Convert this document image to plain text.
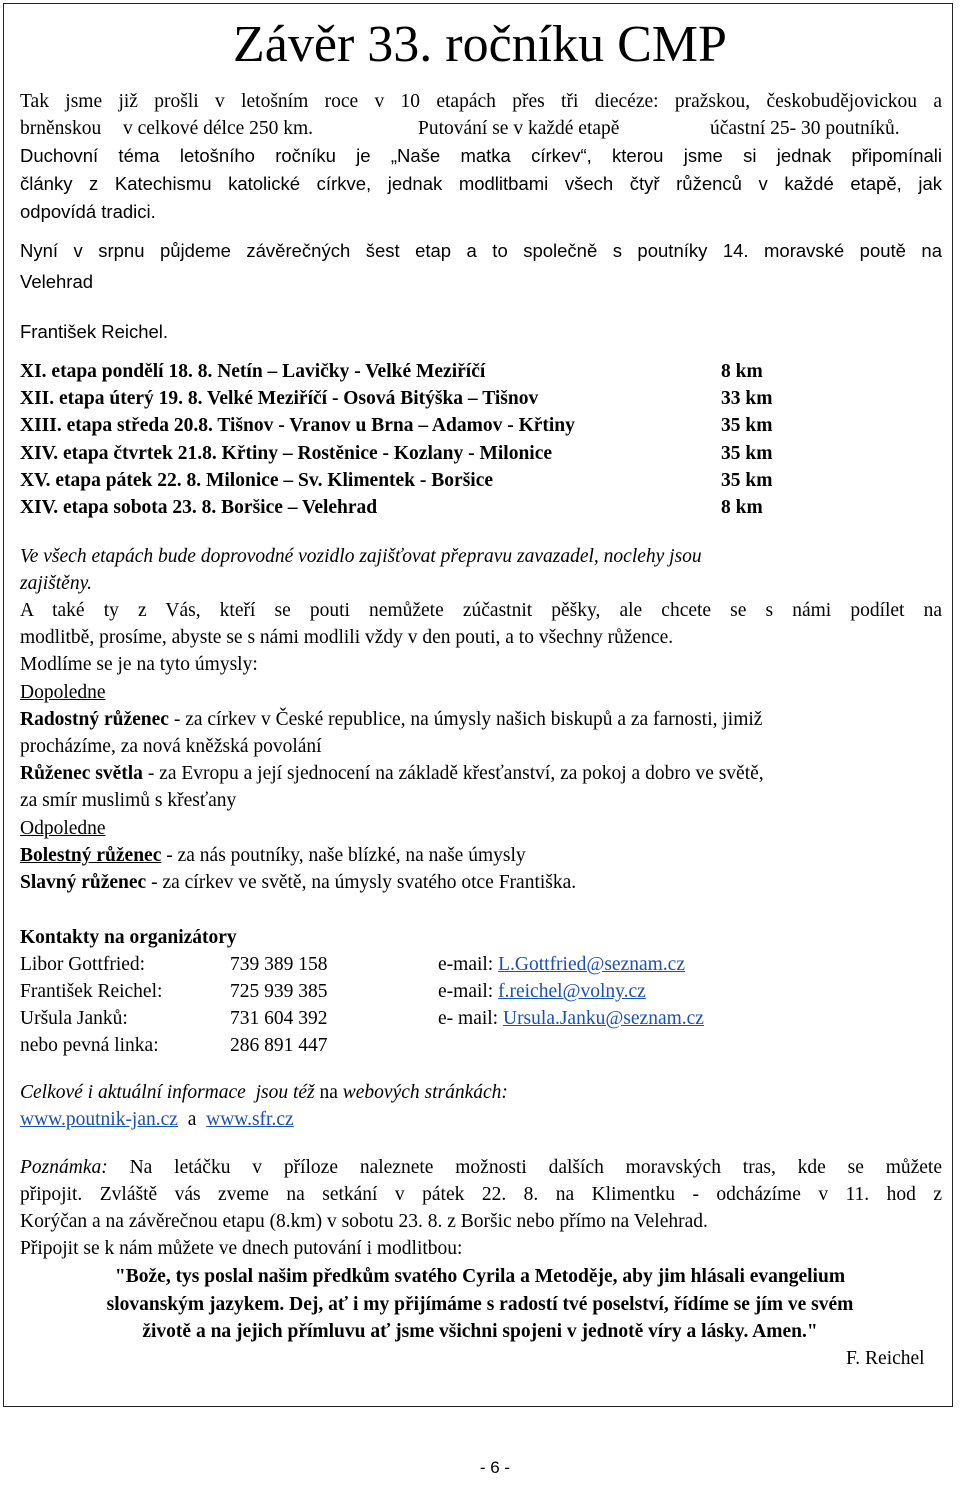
Závěr 33. ročníku CMP
Tak jsme již prošli v letošním roce v 10 etapách přes tři diecéze: pražskou, českobudějovickou a
brněnskou v celkové délce 250 km.	Putování se v každé etapě	účastní 25- 30 poutníků.
Duchovní téma letošního ročníku je „Naše matka církev“, kterou jsme si jednak připomínali
články z Katechismu katolické církve, jednak modlitbami všech čtyř růženců v každé etapě, jak
odpovídá tradici.
Nyní v srpnu půjdeme závěrečných šest etap a to společně s poutníky 14. moravské poutě na
Velehrad
František Reichel.
XI. etapa pondělí 18. 8. Netín – Lavičky - Velké Meziříčí	8 km
XII. etapa úterý 19. 8. Velké Meziříčí - Osová Bitýška – Tišnov	33 km
XIII. etapa středa 20.8. Tišnov - Vranov u Brna – Adamov - Křtiny	35 km
XIV. etapa čtvrtek 21.8. Křtiny – Rostěnice - Kozlany - Milonice	35 km
XV. etapa pátek 22. 8. Milonice – Sv. Klimentek - Boršice	35 km
XIV. etapa sobota 23. 8. Boršice – Velehrad	8 km
Ve všech etapách bude doprovodné vozidlo zajišťovat přepravu zavazadel, noclehy jsou
zajištěny.
A také ty z Vás, kteří se pouti nemůžete zúčastnit pěšky, ale chcete se s námi podílet na
modlitbě, prosíme, abyste se s námi modlili vždy v den pouti, a to všechny růžence.
Modlíme se je na tyto úmysly:
Dopoledne
Radostný růženec - za církev v České republice, na úmysly našich biskupů a za farnosti, jimiž
procházíme, za nová kněžská povolání
Růženec světla - za Evropu a její sjednocení na základě křesťanství, za pokoj a dobro ve světě,
za smír muslimů s křesťany
Odpoledne
Bolestný růženec - za nás poutníky, naše blízké, na naše úmysly
Slavný růženec - za církev ve světě, na úmysly svatého otce Františka.
Kontakty na organizátory
Libor Gottfried:	739 389 158	e-mail: L.Gottfried@seznam.cz
František Reichel:	725 939 385	e-mail: f.reichel@volny.cz
Uršula Janků:	731 604 392	e- mail: Ursula.Janku@seznam.cz
nebo pevná linka:	286 891 447
Celkové i aktuální informace jsou též na webových stránkách:
www.poutnik-jan.cz a www.sfr.cz
Poznámka: Na letáčku v příloze naleznete možnosti dalších moravských tras, kde se můžete
připojit. Zvláště vás zveme na setkání v pátek 22. 8. na Klimentku - odcházíme v 11. hod z
Korýčan a na závěrečnou etapu (8.km) v sobotu 23. 8. z Boršic nebo přímo na Velehrad.
Připojit se k nám můžete ve dnech putování i modlitbou:
"Bože, tys poslal našim předkům svatého Cyrila a Metoděje, aby jim hlásali evangelium
slovanským jazykem. Dej, ať i my přijímáme s radostí tvé poselství, řídíme se jím ve svém
životě a na jejich přímluvu ať jsme všichni spojeni v jednotě víry a lásky. Amen."
F. Reichel
- 6 -
